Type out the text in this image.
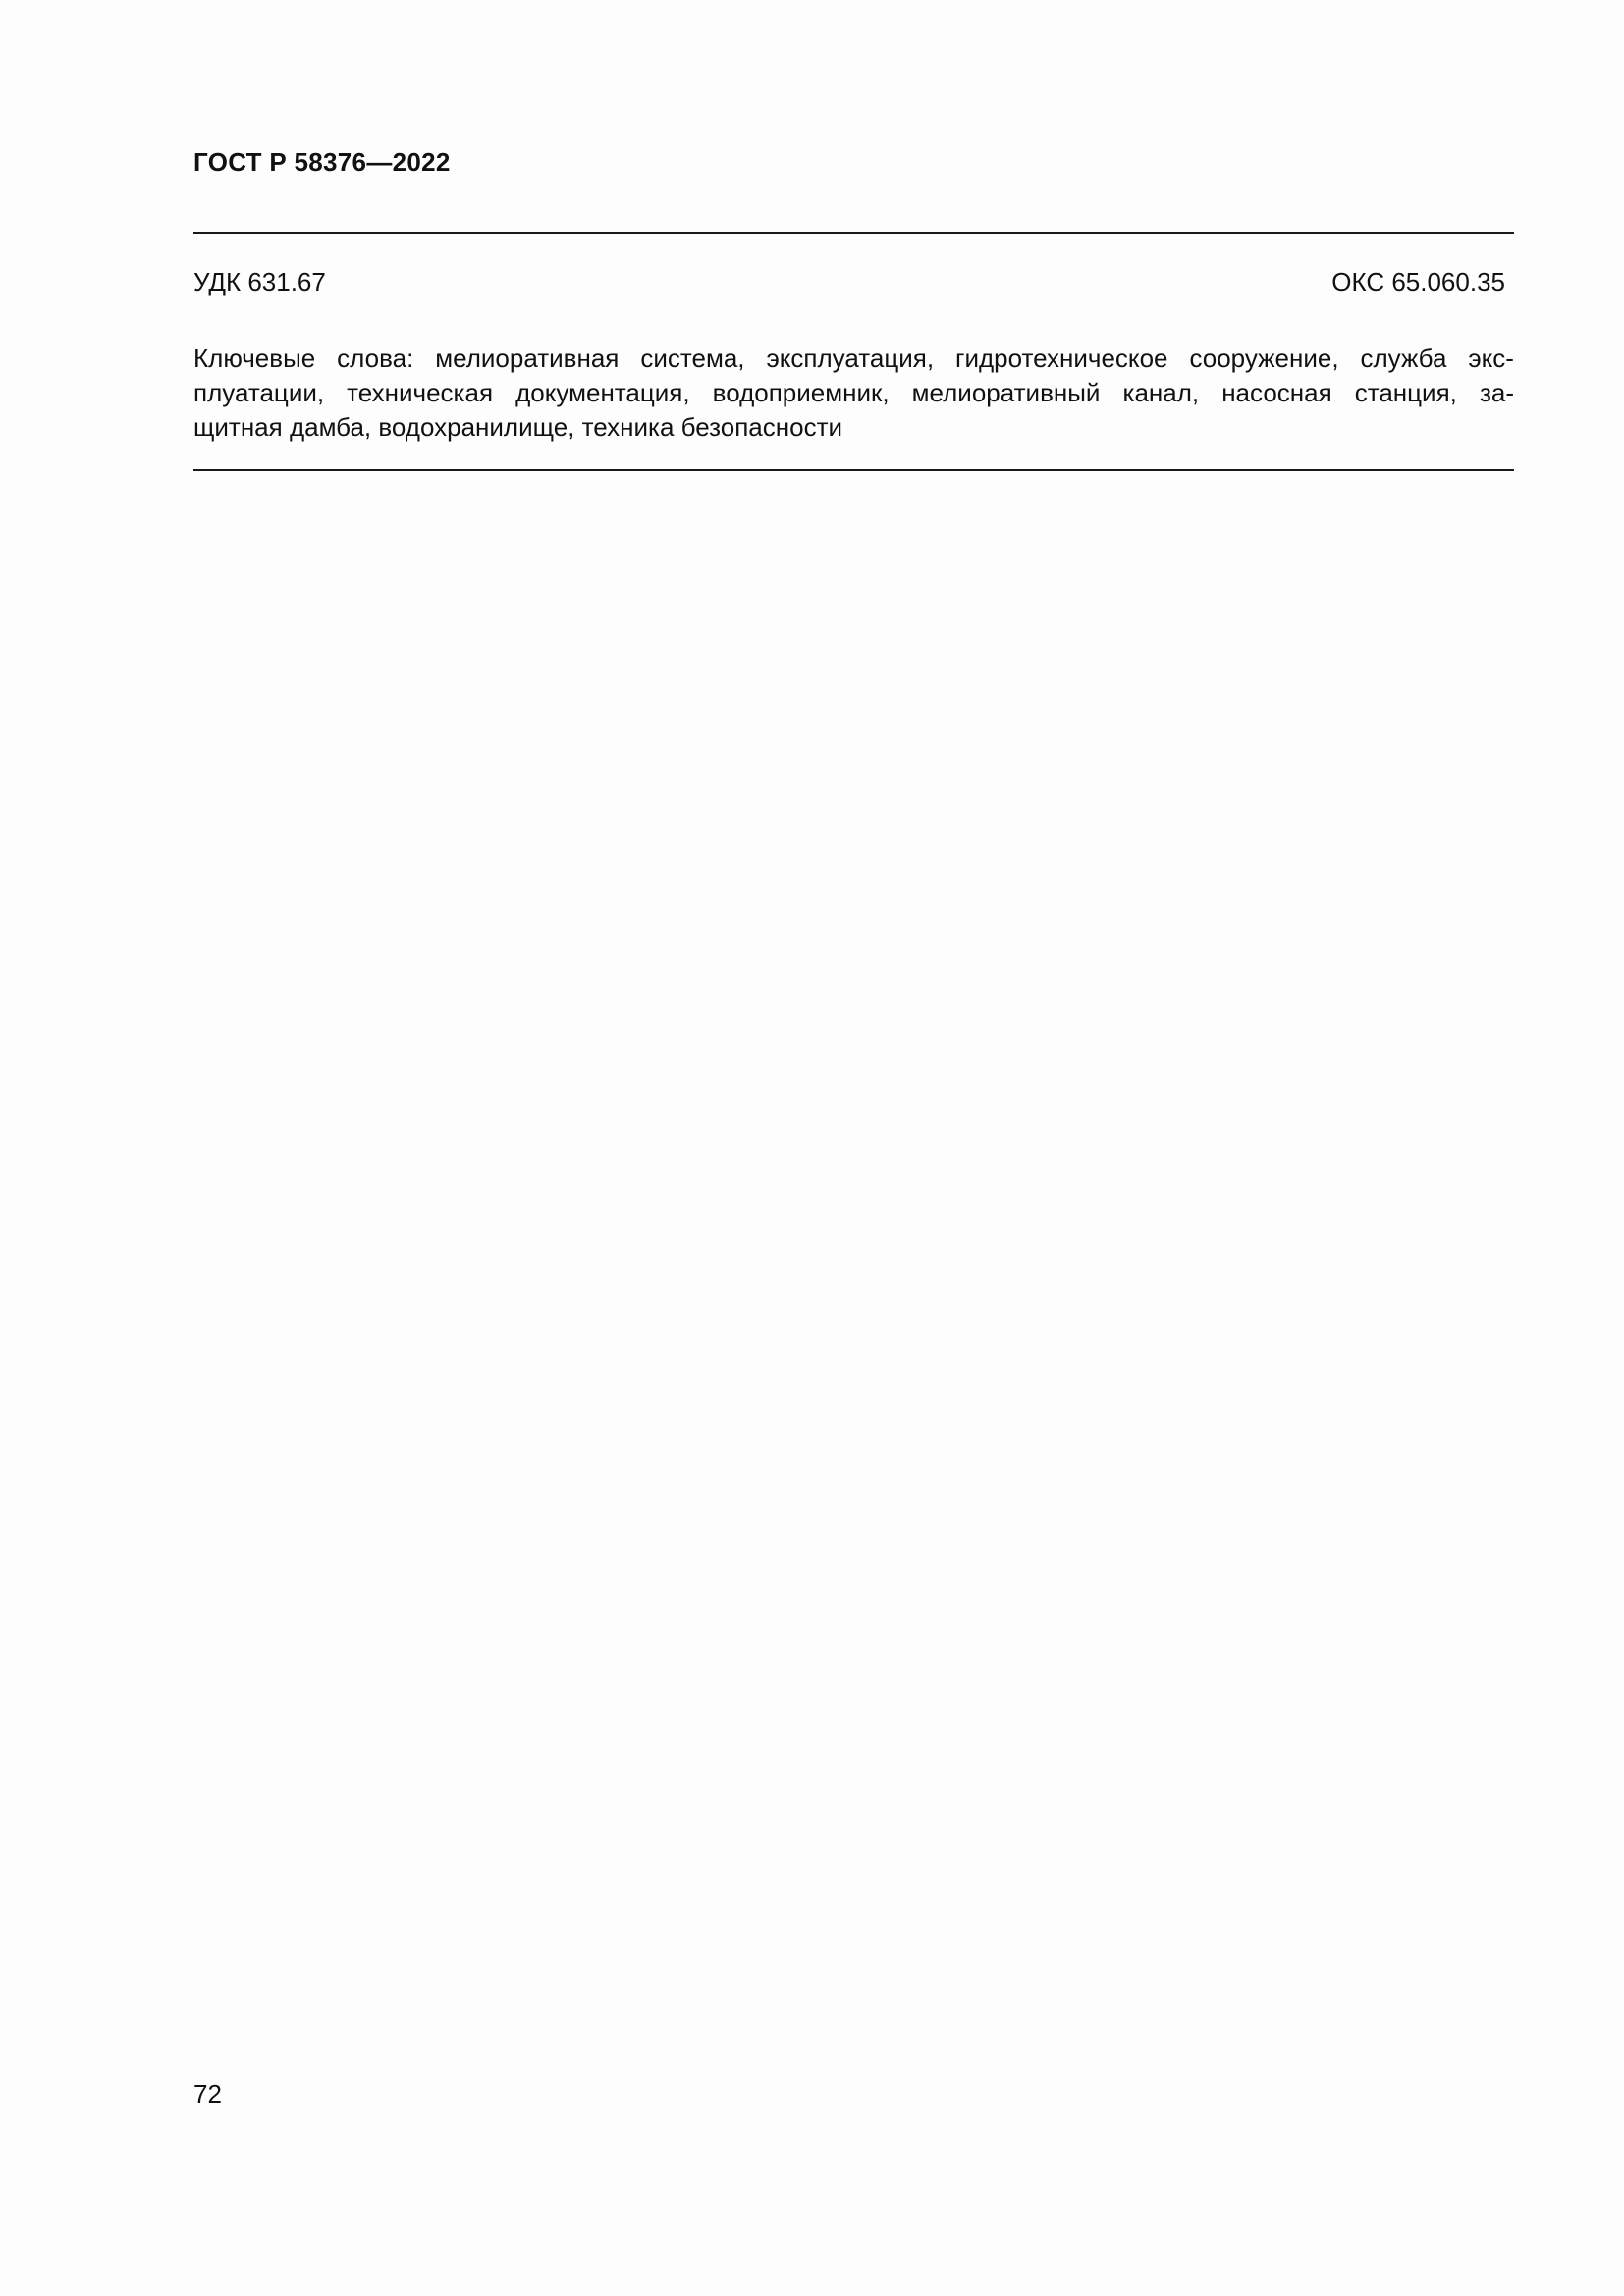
ГОСТ Р 58376—2022
УДК 631.67	ОКС 65.060.35
Ключевые слова: мелиоративная система, эксплуатация, гидротехническое сооружение, служба экс-
плуатации, техническая документация, водоприемник, мелиоративный канал, насосная станция, за-
щитная дамба, водохранилище, техника безопасности
72
